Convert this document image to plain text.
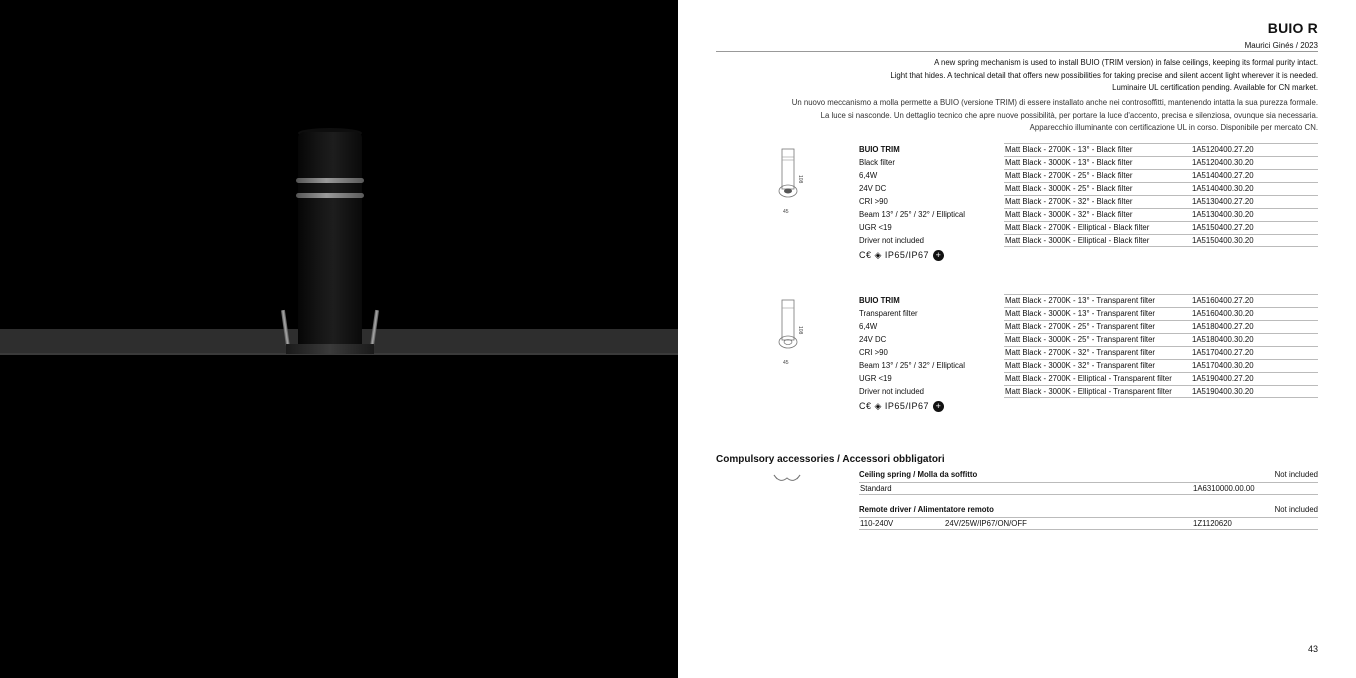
BUIO R
Maurici Ginés / 2023
A new spring mechanism is used to install BUIO (TRIM version) in false ceilings, keeping its formal purity intact.
Light that hides. A technical detail that offers new possibilities for taking precise and silent accent light wherever it is needed.
Luminaire UL certification pending. Available for CN market.
Un nuovo meccanismo a molla permette a BUIO (versione TRIM) di essere installato anche nei controsoffitti, mantenendo intatta la sua purezza formale.
La luce si nasconde. Un dettaglio tecnico che apre nuove possibilità, per portare la luce d'accento, precisa e silenziosa, ovunque sia necessaria.
Apparecchio illuminante con certificazione UL in corso. Disponibile per mercato CN.
108
45
BUIO TRIM
Black filter
6,4W
24V DC
CRI >90
Beam 13° / 25° / 32° / Elliptical
UGR <19
Driver not included
C€ ◈ IP65/IP67 +
Matt Black - 2700K - 13° - Black filter	1A5120400.27.20
Matt Black - 3000K - 13° - Black filter	1A5120400.30.20
Matt Black - 2700K - 25° - Black filter	1A5140400.27.20
Matt Black - 3000K - 25° - Black filter	1A5140400.30.20
Matt Black - 2700K - 32° - Black filter	1A5130400.27.20
Matt Black - 3000K - 32° - Black filter	1A5130400.30.20
Matt Black - 2700K - Elliptical - Black filter	1A5150400.27.20
Matt Black - 3000K - Elliptical - Black filter	1A5150400.30.20
108
45
BUIO TRIM
Transparent filter
6,4W
24V DC
CRI >90
Beam 13° / 25° / 32° / Elliptical
UGR <19
Driver not included
C€ ◈ IP65/IP67 +
Matt Black - 2700K - 13° - Transparent filter	1A5160400.27.20
Matt Black - 3000K - 13° - Transparent filter	1A5160400.30.20
Matt Black - 2700K - 25° - Transparent filter	1A5180400.27.20
Matt Black - 3000K - 25° - Transparent filter	1A5180400.30.20
Matt Black - 2700K - 32° - Transparent filter	1A5170400.27.20
Matt Black - 3000K - 32° - Transparent filter	1A5170400.30.20
Matt Black - 2700K - Elliptical - Transparent filter	1A5190400.27.20
Matt Black - 3000K - Elliptical - Transparent filter	1A5190400.30.20
Compulsory accessories / Accessori obbligatori
Ceiling spring / Molla da soffitto	Not included
Standard	1A6310000.00.00
Remote driver / Alimentatore remoto	Not included
110-240V	24V/25W/IP67/ON/OFF	1Z1120620
43
